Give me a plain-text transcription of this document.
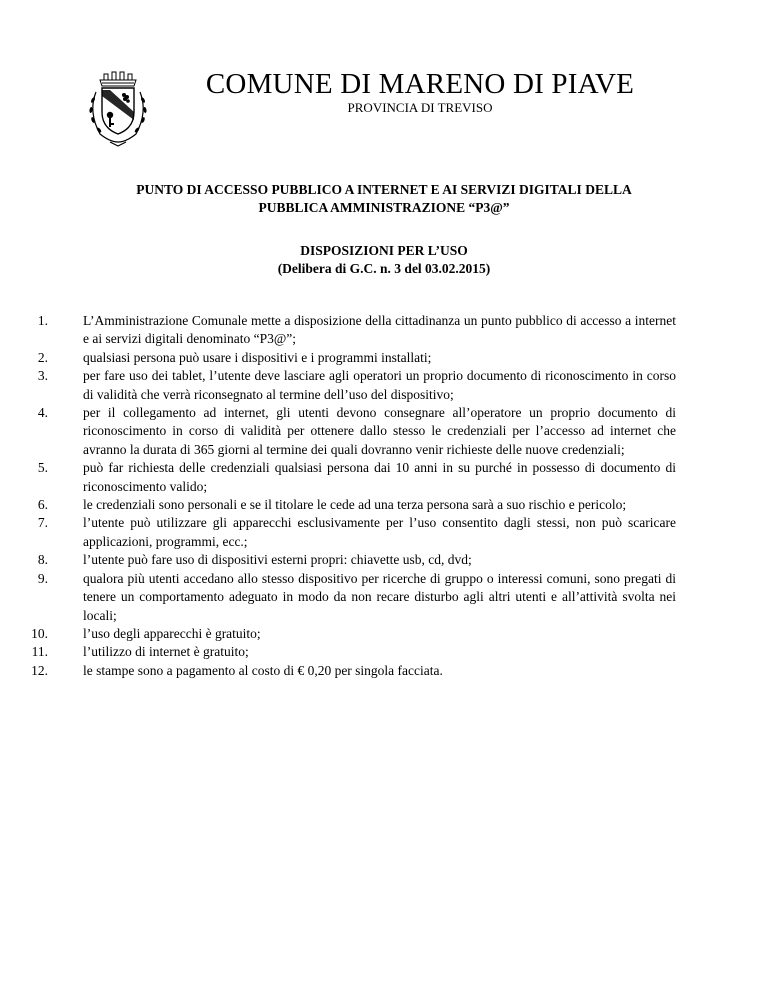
COMUNE DI MARENO DI PIAVE
PROVINCIA DI TREVISO
PUNTO DI ACCESSO PUBBLICO A INTERNET E AI SERVIZI DIGITALI DELLA
PUBBLICA AMMINISTRAZIONE “P3@”
DISPOSIZIONI PER L’USO
(Delibera di G.C. n. 3 del 03.02.2015)
1.	L’Amministrazione Comunale mette a disposizione della cittadinanza un punto pubblico di accesso a internet e ai servizi digitali denominato “P3@”;
2.	qualsiasi persona può usare i dispositivi e i programmi installati;
3.	per fare uso dei tablet, l’utente deve lasciare agli operatori un proprio documento di riconoscimento in corso di validità che verrà riconsegnato al termine dell’uso del dispositivo;
4.	per il collegamento ad internet, gli utenti devono consegnare all’operatore un proprio documento di riconoscimento in corso di validità per ottenere dallo stesso le credenziali per l’accesso ad internet che avranno la durata di 365 giorni al termine dei quali dovranno venir richieste delle nuove credenziali;
5.	può far richiesta delle credenziali qualsiasi persona dai 10 anni in su purché in possesso di documento di riconoscimento valido;
6.	le credenziali sono personali e se il titolare le cede ad una terza persona sarà a suo rischio e pericolo;
7.	l’utente può utilizzare gli apparecchi esclusivamente per l’uso consentito dagli stessi, non può scaricare applicazioni, programmi, ecc.;
8.	l’utente può fare uso di dispositivi esterni propri: chiavette usb, cd, dvd;
9.	qualora più utenti accedano allo stesso dispositivo per ricerche di gruppo o interessi comuni, sono pregati di tenere un comportamento adeguato in modo da non recare disturbo agli altri utenti e all’attività svolta nei locali;
10.	l’uso degli apparecchi è gratuito;
11.	l’utilizzo di internet è gratuito;
12.	le stampe sono a pagamento al costo di € 0,20 per singola facciata.
